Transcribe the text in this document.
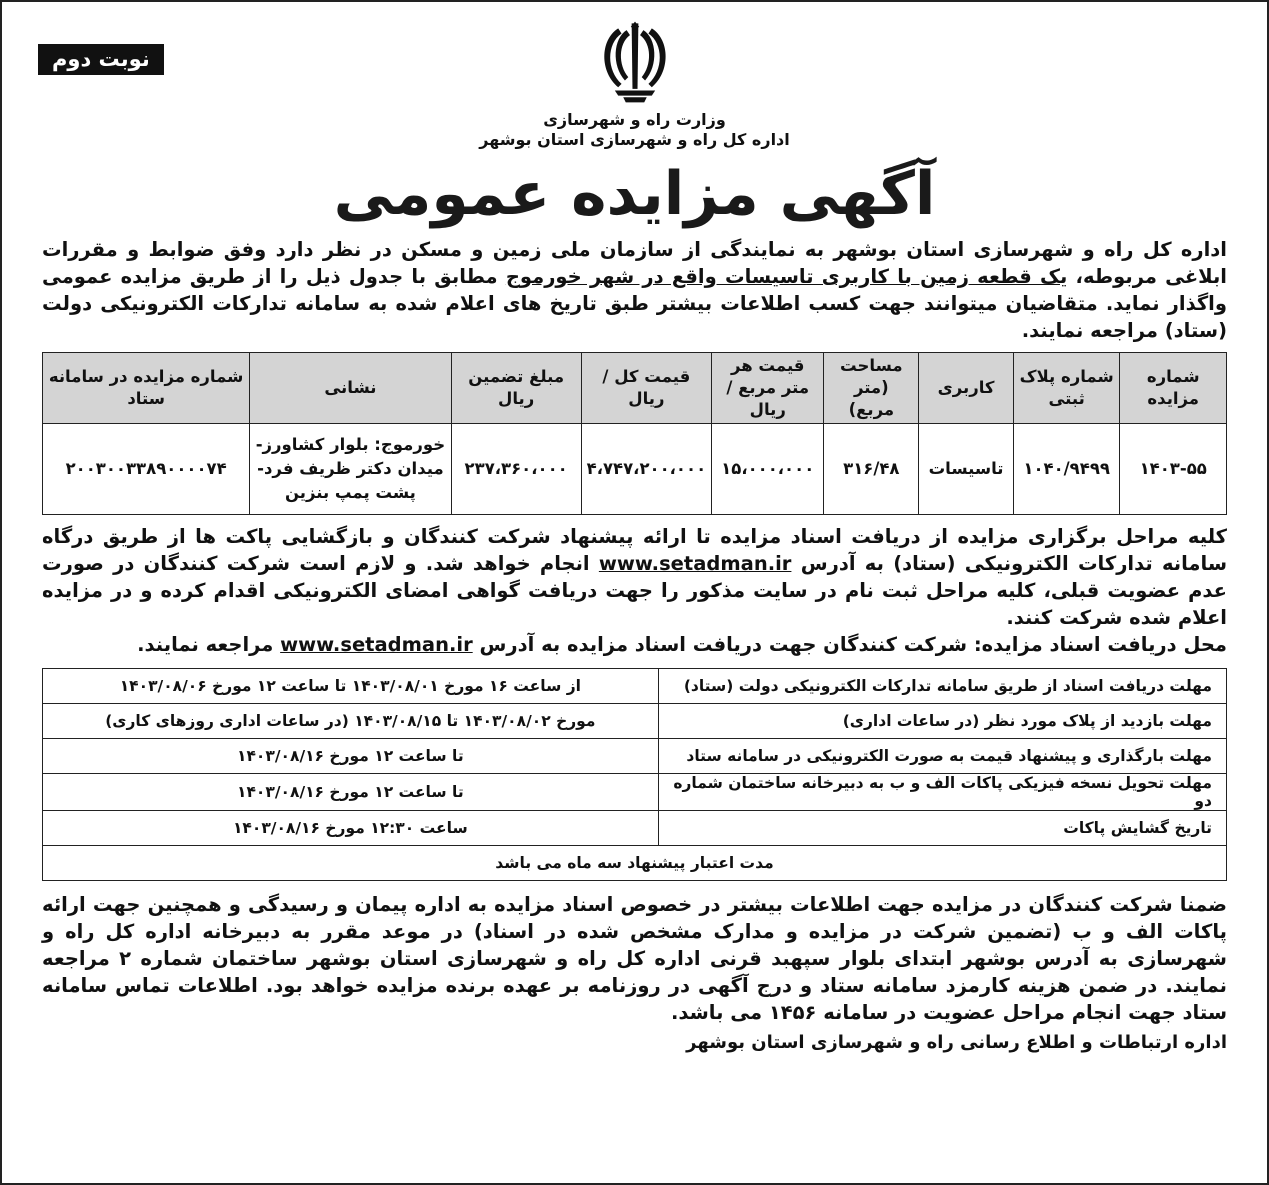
نوبت دوم
وزارت راه و شهرسازی
اداره کل راه و شهرسازی استان بوشهر
آگهی مزایده عمومی

اداره کل راه و شهرسازی استان بوشهر به نمایندگی از سازمان ملی زمین و مسکن در نظر دارد وفق ضوابط و مقررات ابلاغی مربوطه، یک قطعه زمین با کاربری تاسیسات واقع در شهر خورموج مطابق با جدول ذیل را از طریق مزایده عمومی واگذار نماید. متقاضیان میتوانند جهت کسب اطلاعات بیشتر طبق تاریخ های اعلام شده به سامانه تدارکات الکترونیکی دولت (ستاد) مراجعه نمایند.

شماره مزایده	شماره پلاک ثبتی	کاربری	مساحت (متر مربع)	قیمت هر متر مربع / ریال	قیمت کل / ریال	مبلغ تضمین ریال	نشانی	شماره مزایده در سامانه ستاد
۱۴۰۳-۵۵	۱۰۴۰/۹۴۹۹	تاسیسات	۳۱۶/۴۸	۱۵،۰۰۰،۰۰۰	۴،۷۴۷،۲۰۰،۰۰۰	۲۳۷،۳۶۰،۰۰۰	خورموج: بلوار کشاورز- میدان دکتر ظریف فرد- پشت پمپ بنزین	۲۰۰۳۰۰۳۳۸۹۰۰۰۰۷۴

کلیه مراحل برگزاری مزایده از دریافت اسناد مزایده تا ارائه پیشنهاد شرکت کنندگان و بازگشایی پاکت ها از طریق درگاه سامانه تدارکات الکترونیکی (ستاد) به آدرس www.setadman.ir انجام خواهد شد. و لازم است شرکت کنندگان در صورت عدم عضویت قبلی، کلیه مراحل ثبت نام در سایت مذکور را جهت دریافت گواهی امضای الکترونیکی اقدام کرده و در مزایده اعلام شده شرکت کنند.

محل دریافت اسناد مزایده: شرکت کنندگان جهت دریافت اسناد مزایده به آدرس www.setadman.ir مراجعه نمایند.

مهلت دریافت اسناد از طریق سامانه تدارکات الکترونیکی دولت (ستاد)	از ساعت ۱۶ مورخ ۱۴۰۳/۰۸/۰۱ تا ساعت ۱۲ مورخ ۱۴۰۳/۰۸/۰۶
مهلت بازدید از پلاک مورد نظر (در ساعات اداری)	مورخ ۱۴۰۳/۰۸/۰۲ تا ۱۴۰۳/۰۸/۱۵ (در ساعات اداری روزهای کاری)
مهلت بارگذاری و پیشنهاد قیمت به صورت الکترونیکی در سامانه ستاد	تا ساعت ۱۲ مورخ ۱۴۰۳/۰۸/۱۶
مهلت تحویل نسخه فیزیکی پاکات الف و ب به دبیرخانه ساختمان شماره دو	تا ساعت ۱۲ مورخ ۱۴۰۳/۰۸/۱۶
تاریخ گشایش پاکات	ساعت ۱۲:۳۰ مورخ ۱۴۰۳/۰۸/۱۶
مدت اعتبار پیشنهاد سه ماه می باشد	

ضمنا شرکت کنندگان در مزایده جهت اطلاعات بیشتر در خصوص اسناد مزایده به اداره پیمان و رسیدگی و همچنین جهت ارائه پاکات الف و ب (تضمین شرکت در مزایده و مدارک مشخص شده در اسناد) در موعد مقرر به دبیرخانه اداره کل راه و شهرسازی به آدرس بوشهر ابتدای بلوار سپهبد قرنی اداره کل راه و شهرسازی استان بوشهر ساختمان شماره ۲ مراجعه نمایند. در ضمن هزینه کارمزد سامانه ستاد و درج آگهی در روزنامه بر عهده برنده مزایده خواهد بود. اطلاعات تماس سامانه ستاد جهت انجام مراحل عضویت در سامانه ۱۴۵۶ می باشد.

اداره ارتباطات و اطلاع رسانی راه و شهرسازی استان بوشهر
